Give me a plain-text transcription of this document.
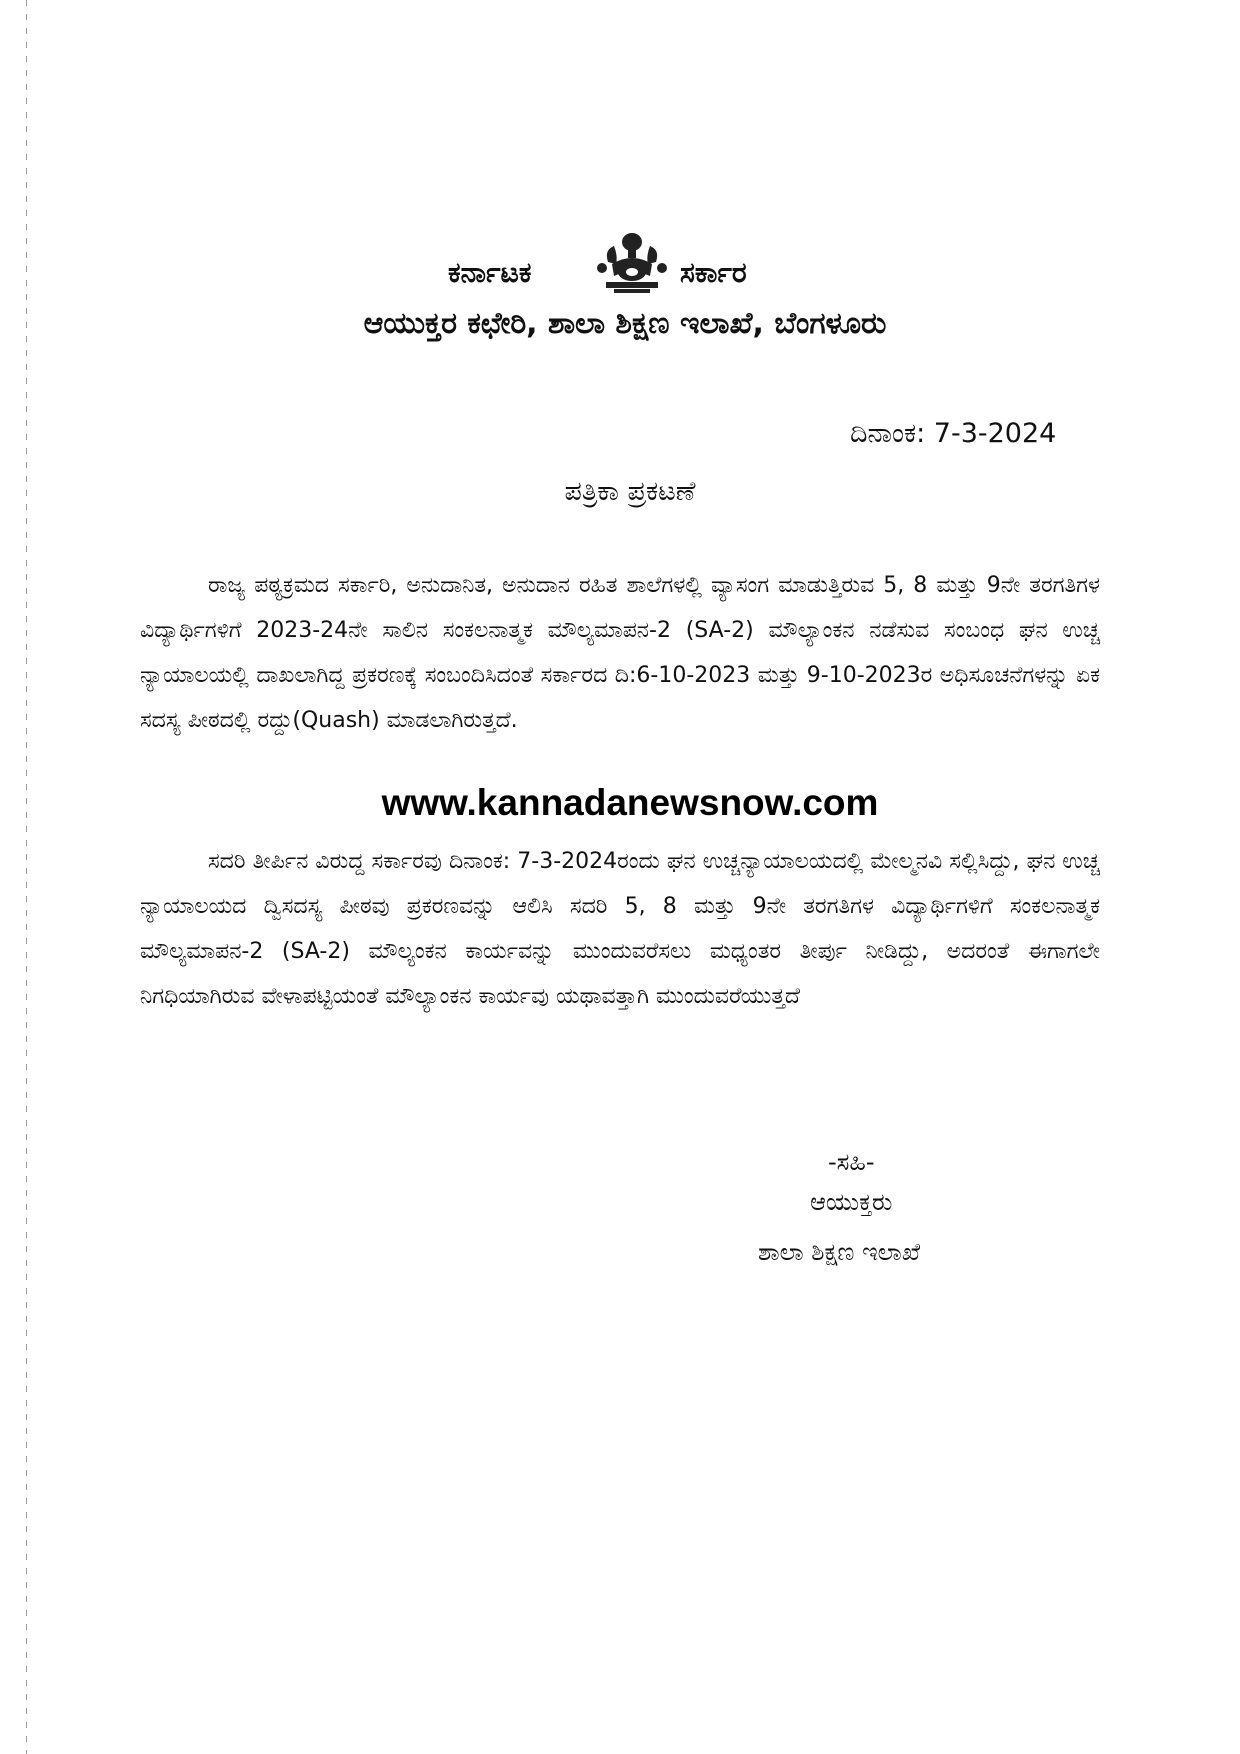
ಕರ್ನಾಟಕ	ಸರ್ಕಾರ
ಆಯುಕ್ತರ ಕಛೇರಿ, ಶಾಲಾ ಶಿಕ್ಷಣ ಇಲಾಖೆ, ಬೆಂಗಳೂರು
ದಿನಾಂಕ: 7-3-2024
ಪತ್ರಿಕಾ ಪ್ರಕಟಣೆ
ರಾಜ್ಯ ಪಠ್ಯಕ್ರಮದ ಸರ್ಕಾರಿ, ಅನುದಾನಿತ, ಅನುದಾನ ರಹಿತ ಶಾಲೆಗಳಲ್ಲಿ ವ್ಯಾಸಂಗ ಮಾಡುತ್ತಿರುವ 5, 8 ಮತ್ತು 9ನೇ ತರಗತಿಗಳ ವಿದ್ಯಾರ್ಥಿಗಳಿಗೆ 2023-24ನೇ ಸಾಲಿನ ಸಂಕಲನಾತ್ಮಕ ಮೌಲ್ಯಮಾಪನ-2 (SA-2) ಮೌಲ್ಯಾಂಕನ ನಡೆಸುವ ಸಂಬಂಧ ಘನ ಉಚ್ಚ ನ್ಯಾಯಾಲಯಲ್ಲಿ ದಾಖಲಾಗಿದ್ದ ಪ್ರಕರಣಕ್ಕೆ ಸಂಬಂದಿಸಿದಂತೆ ಸರ್ಕಾರದ ದಿ:6-10-2023 ಮತ್ತು 9-10-2023ರ ಅಧಿಸೂಚನೆಗಳನ್ನು ಏಕ ಸದಸ್ಯ ಪೀಠದಲ್ಲಿ ರದ್ದು(Quash) ಮಾಡಲಾಗಿರುತ್ತದೆ.
www.kannadanewsnow.com
ಸದರಿ ತೀರ್ಪಿನ ವಿರುದ್ದ ಸರ್ಕಾರವು ದಿನಾಂಕ: 7-3-2024ರಂದು ಘನ ಉಚ್ಚನ್ಯಾಯಾಲಯದಲ್ಲಿ ಮೇಲ್ಮನವಿ ಸಲ್ಲಿಸಿದ್ದು, ಘನ ಉಚ್ಚ ನ್ಯಾಯಾಲಯದ ದ್ವಿಸದಸ್ಯ ಪೀಠವು ಪ್ರಕರಣವನ್ನು ಆಲಿಸಿ ಸದರಿ 5, 8 ಮತ್ತು 9ನೇ ತರಗತಿಗಳ ವಿದ್ಯಾರ್ಥಿಗಳಿಗೆ ಸಂಕಲನಾತ್ಮಕ ಮೌಲ್ಯಮಾಪನ-2 (SA-2) ಮೌಲ್ಯಂಕನ ಕಾರ್ಯವನ್ನು ಮುಂದುವರೆಸಲು ಮಧ್ಯಂತರ ತೀರ್ಪು ನೀಡಿದ್ದು, ಅದರಂತೆ ಈಗಾಗಲೇ ನಿಗಧಿಯಾಗಿರುವ ವೇಳಾಪಟ್ಟಿಯಂತೆ ಮೌಲ್ಯಾಂಕನ ಕಾರ್ಯವು ಯಥಾವತ್ತಾಗಿ ಮುಂದುವರೆಯುತ್ತದೆ
-ಸಹಿ-
ಆಯುಕ್ತರು
ಶಾಲಾ ಶಿಕ್ಷಣ ಇಲಾಖೆ
